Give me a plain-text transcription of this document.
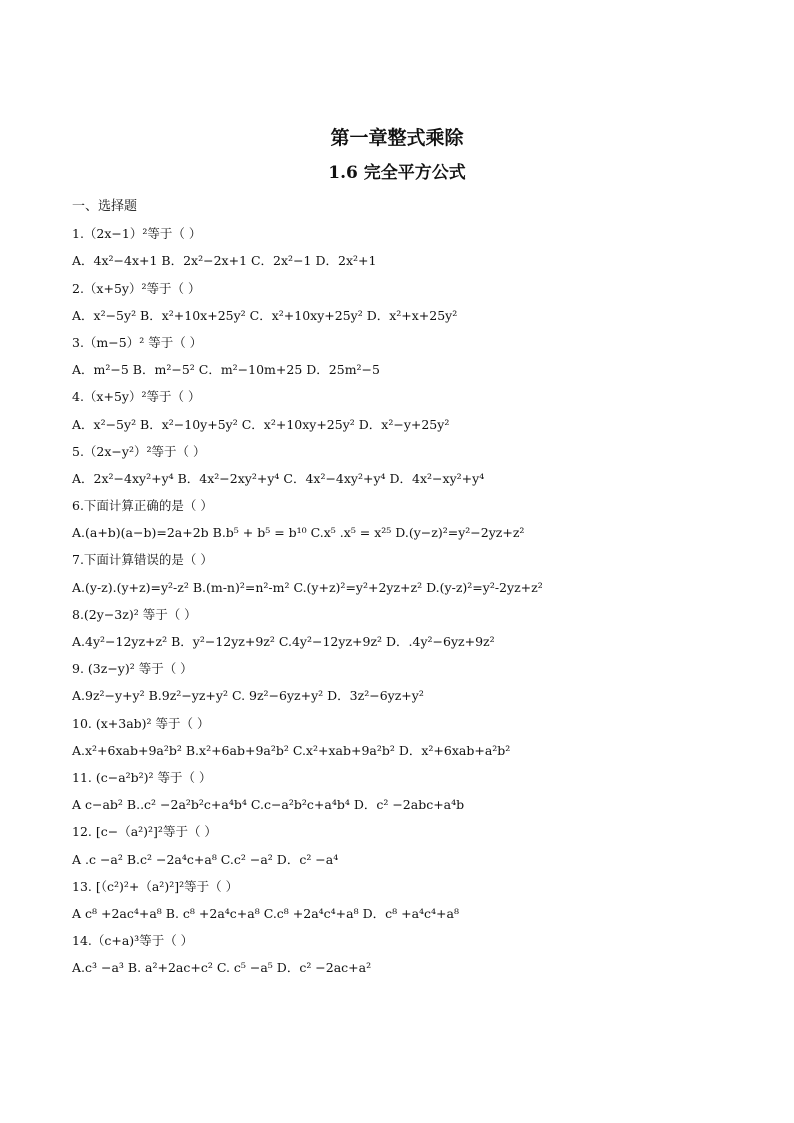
第一章整式乘除
1.6 完全平方公式
一、选择题
1.（2x−1）²等于（ ）
A．4x²−4x+1 B．2x²−2x+1 C．2x²−1 D．2x²+1
2.（x+5y）²等于（ ）
A．x²−5y² B．x²+10x+25y² C．x²+10xy+25y² D．x²+x+25y²
3.（m−5）² 等于（ ）
A．m²−5 B．m²−5² C．m²−10m+25 D．25m²−5
4.（x+5y）²等于（ ）
A．x²−5y² B．x²−10y+5y² C．x²+10xy+25y² D．x²−y+25y²
5.（2x−y²）²等于（ ）
A．2x²−4xy²+y⁴ B．4x²−2xy²+y⁴ C．4x²−4xy²+y⁴ D．4x²−xy²+y⁴
6.下面计算正确的是（ ）
A.(a+b)(a−b)=2a+2b B.b⁵ + b⁵ = b¹⁰ C.x⁵ .x⁵ = x²⁵ D.(y−z)²=y²−2yz+z²
7.下面计算错误的是（ ）
A.(y-z).(y+z)=y²-z² B.(m-n)²=n²-m² C.(y+z)²=y²+2yz+z² D.(y-z)²=y²-2yz+z²
8.(2y−3z)² 等于（ ）
A.4y²−12yz+z² B．y²−12yz+9z² C.4y²−12yz+9z² D．.4y²−6yz+9z²
9. (3z−y)² 等于（ ）
A.9z²−y+y² B.9z²−yz+y² C. 9z²−6yz+y² D．3z²−6yz+y²
10. (x+3ab)² 等于（ ）
A.x²+6xab+9a²b² B.x²+6ab+9a²b² C.x²+xab+9a²b² D．x²+6xab+a²b²
11. (c−a²b²)² 等于（ ）
A c−ab² B..c² −2a²b²c+a⁴b⁴ C.c−a²b²c+a⁴b⁴ D．c² −2abc+a⁴b
12. [c−（a²)²]²等于（ ）
A .c −a² B.c² −2a⁴c+a⁸ C.c² −a² D．c² −a⁴
13. [（c²)²+（a²)²]²等于（ ）
A c⁸ +2ac⁴+a⁸ B. c⁸ +2a⁴c+a⁸ C.c⁸ +2a⁴c⁴+a⁸ D．c⁸ +a⁴c⁴+a⁸
14.（c+a)³等于（ ）
A.c³ −a³ B. a²+2ac+c² C. c⁵ −a⁵ D．c² −2ac+a²
